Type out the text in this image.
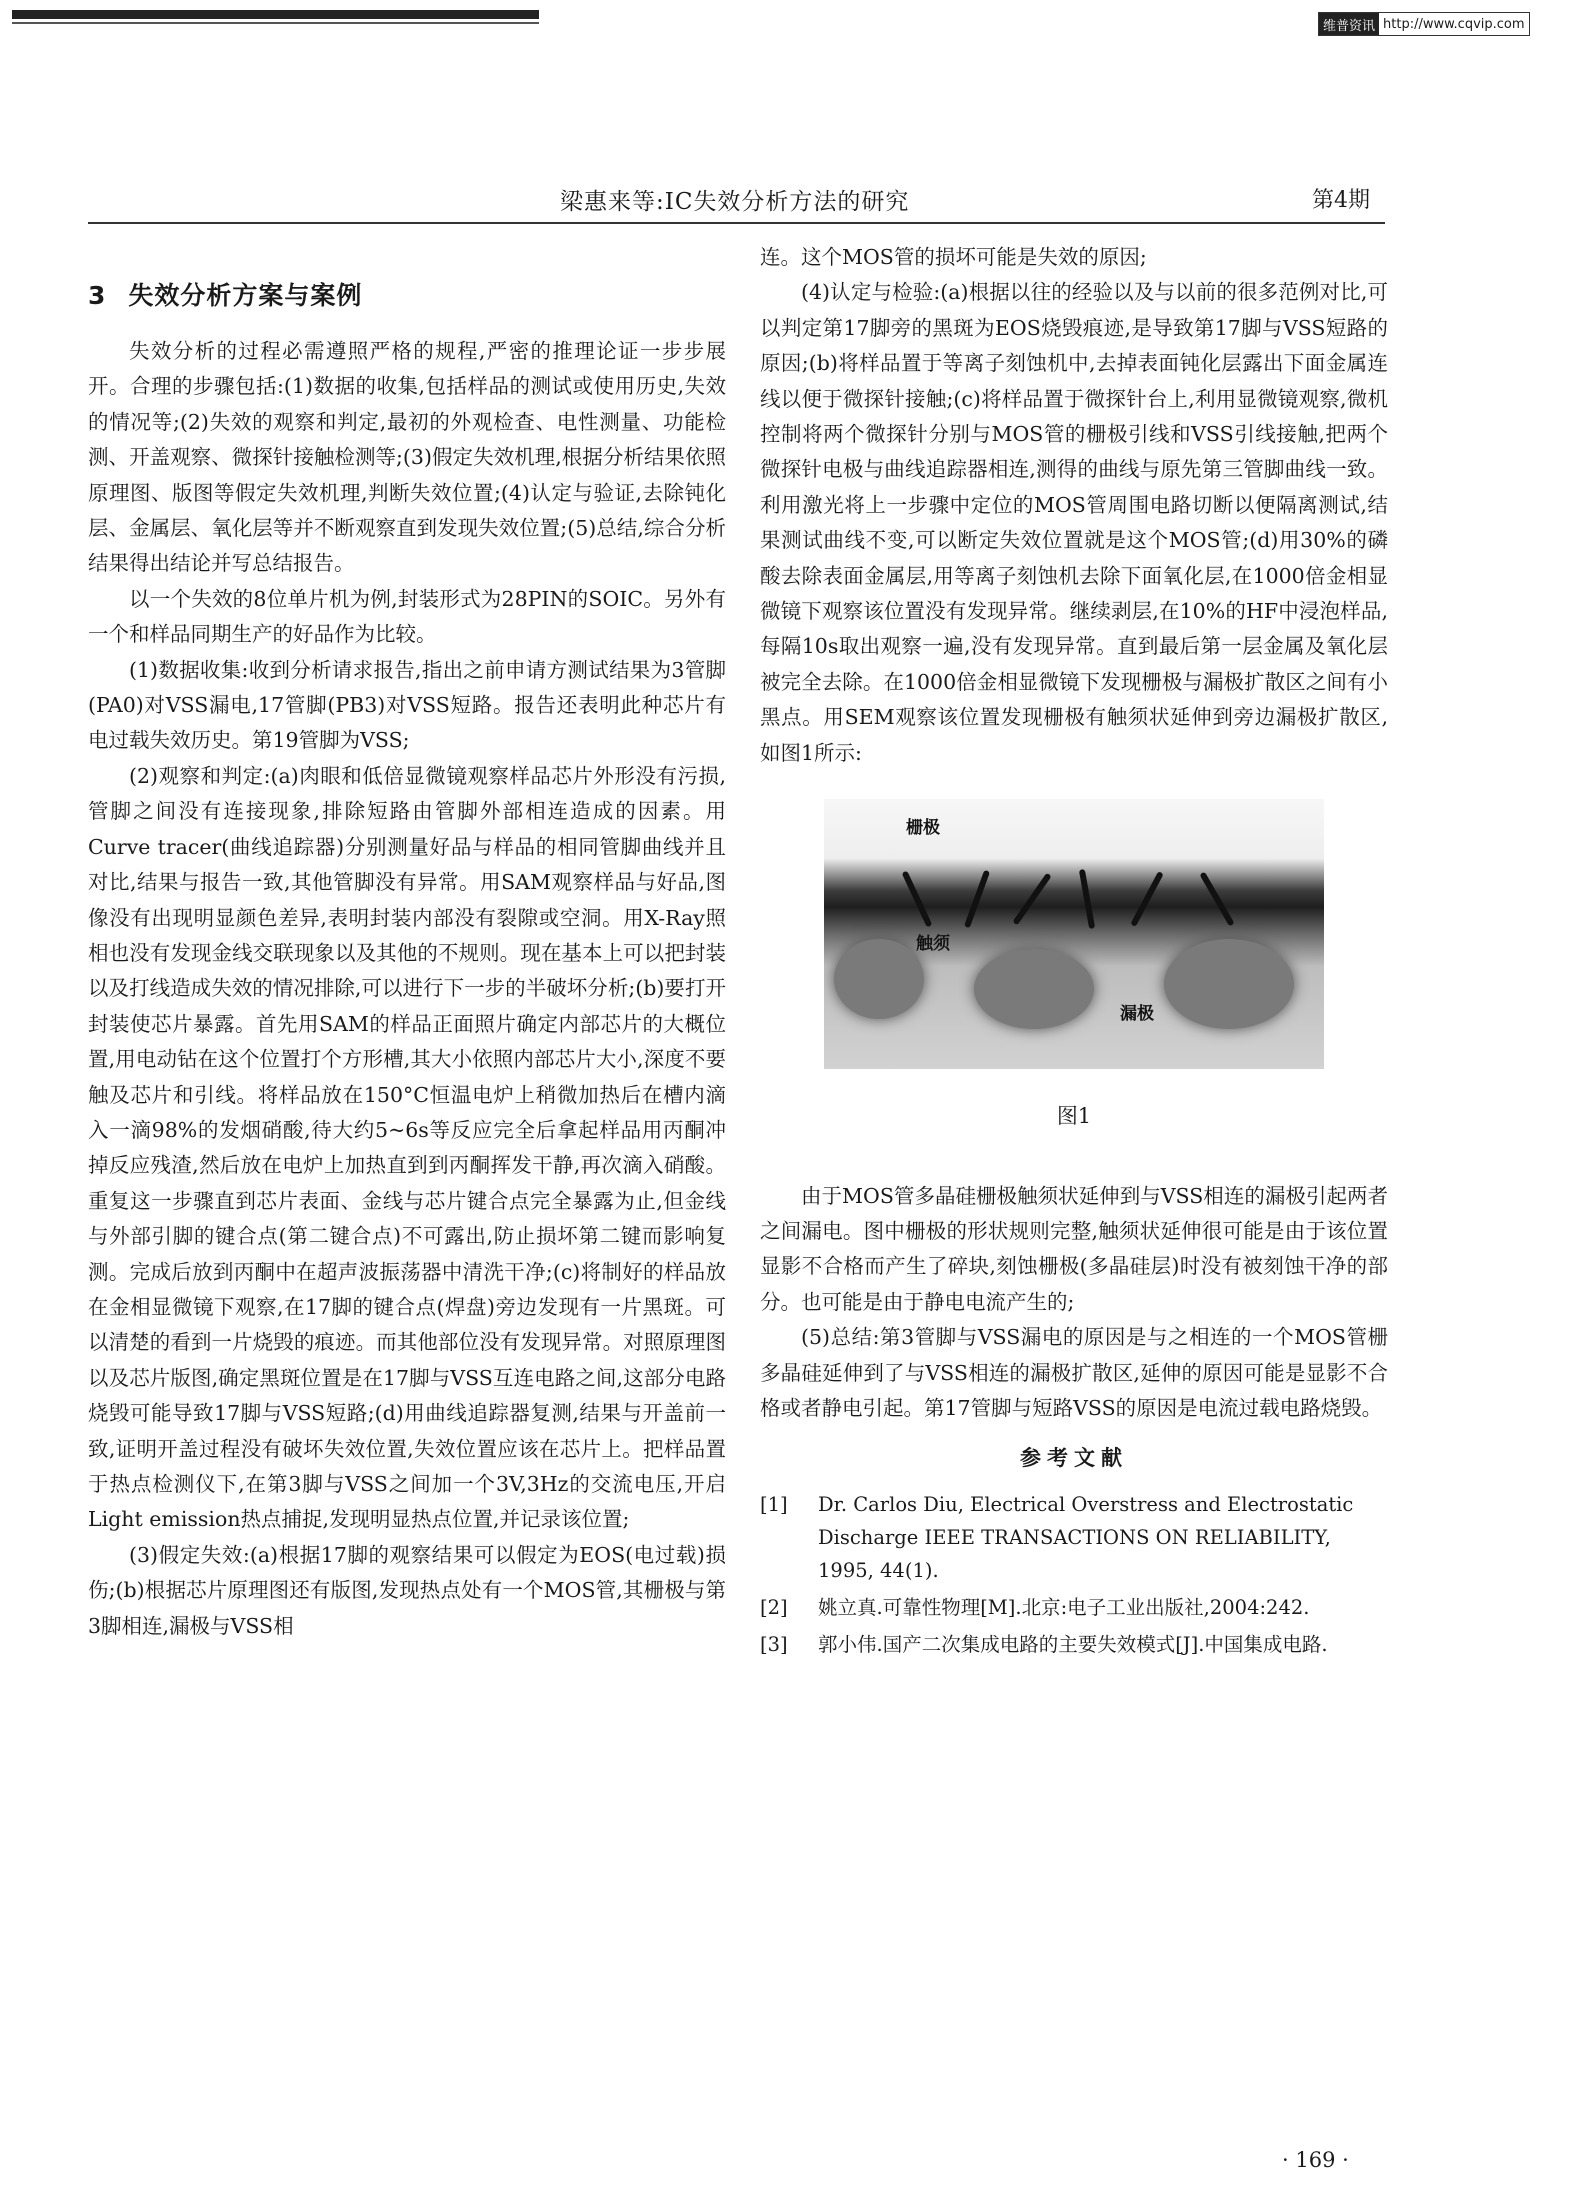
维普资讯 http://www.cqvip.com
梁惠来等:IC失效分析方法的研究	第4期
3 失效分析方案与案例

失效分析的过程必需遵照严格的规程,严密的推理论证一步步展开。合理的步骤包括:(1)数据的收集,包括样品的测试或使用历史,失效的情况等;(2)失效的观察和判定,最初的外观检查、电性测量、功能检测、开盖观察、微探针接触检测等;(3)假定失效机理,根据分析结果依照原理图、版图等假定失效机理,判断失效位置;(4)认定与验证,去除钝化层、金属层、氧化层等并不断观察直到发现失效位置;(5)总结,综合分析结果得出结论并写总结报告。

以一个失效的8位单片机为例,封装形式为28PIN的SOIC。另外有一个和样品同期生产的好品作为比较。

(1)数据收集:收到分析请求报告,指出之前申请方测试结果为3管脚(PA0)对VSS漏电,17管脚(PB3)对VSS短路。报告还表明此种芯片有电过载失效历史。第19管脚为VSS;

(2)观察和判定:(a)肉眼和低倍显微镜观察样品芯片外形没有污损,管脚之间没有连接现象,排除短路由管脚外部相连造成的因素。用Curve tracer(曲线追踪器)分别测量好品与样品的相同管脚曲线并且对比,结果与报告一致,其他管脚没有异常。用SAM观察样品与好品,图像没有出现明显颜色差异,表明封装内部没有裂隙或空洞。用X-Ray照相也没有发现金线交联现象以及其他的不规则。现在基本上可以把封装以及打线造成失效的情况排除,可以进行下一步的半破坏分析;(b)要打开封装使芯片暴露。首先用SAM的样品正面照片确定内部芯片的大概位置,用电动钻在这个位置打个方形槽,其大小依照内部芯片大小,深度不要触及芯片和引线。将样品放在150°C恒温电炉上稍微加热后在槽内滴入一滴98%的发烟硝酸,待大约5~6s等反应完全后拿起样品用丙酮冲掉反应残渣,然后放在电炉上加热直到到丙酮挥发干静,再次滴入硝酸。重复这一步骤直到芯片表面、金线与芯片键合点完全暴露为止,但金线与外部引脚的键合点(第二键合点)不可露出,防止损坏第二键而影响复测。完成后放到丙酮中在超声波振荡器中清洗干净;(c)将制好的样品放在金相显微镜下观察,在17脚的键合点(焊盘)旁边发现有一片黑斑。可以清楚的看到一片烧毁的痕迹。而其他部位没有发现异常。对照原理图以及芯片版图,确定黑斑位置是在17脚与VSS互连电路之间,这部分电路烧毁可能导致17脚与VSS短路;(d)用曲线追踪器复测,结果与开盖前一致,证明开盖过程没有破坏失效位置,失效位置应该在芯片上。把样品置于热点检测仪下,在第3脚与VSS之间加一个3V,3Hz的交流电压,开启Light emission热点捕捉,发现明显热点位置,并记录该位置;

(3)假定失效:(a)根据17脚的观察结果可以假定为EOS(电过载)损伤;(b)根据芯片原理图还有版图,发现热点处有一个MOS管,其栅极与第3脚相连,漏极与VSS相

连。这个MOS管的损坏可能是失效的原因;

(4)认定与检验:(a)根据以往的经验以及与以前的很多范例对比,可以判定第17脚旁的黑斑为EOS烧毁痕迹,是导致第17脚与VSS短路的原因;(b)将样品置于等离子刻蚀机中,去掉表面钝化层露出下面金属连线以便于微探针接触;(c)将样品置于微探针台上,利用显微镜观察,微机控制将两个微探针分别与MOS管的栅极引线和VSS引线接触,把两个微探针电极与曲线追踪器相连,测得的曲线与原先第三管脚曲线一致。利用激光将上一步骤中定位的MOS管周围电路切断以便隔离测试,结果测试曲线不变,可以断定失效位置就是这个MOS管;(d)用30%的磷酸去除表面金属层,用等离子刻蚀机去除下面氧化层,在1000倍金相显微镜下观察该位置没有发现异常。继续剥层,在10%的HF中浸泡样品,每隔10s取出观察一遍,没有发现异常。直到最后第一层金属及氧化层被完全去除。在1000倍金相显微镜下发现栅极与漏极扩散区之间有小黑点。用SEM观察该位置发现栅极有触须状延伸到旁边漏极扩散区,如图1所示:

栅极
触须
漏极
图1

由于MOS管多晶硅栅极触须状延伸到与VSS相连的漏极引起两者之间漏电。图中栅极的形状规则完整,触须状延伸很可能是由于该位置显影不合格而产生了碎块,刻蚀栅极(多晶硅层)时没有被刻蚀干净的部分。也可能是由于静电电流产生的;

(5)总结:第3管脚与VSS漏电的原因是与之相连的一个MOS管栅多晶硅延伸到了与VSS相连的漏极扩散区,延伸的原因可能是显影不合格或者静电引起。第17管脚与短路VSS的原因是电流过载电路烧毁。

参考文献
[1]	Dr. Carlos Diu, Electrical Overstress and Electrostatic Discharge IEEE TRANSACTIONS ON RELIABILITY, 1995, 44(1).
[2]	姚立真.可靠性物理[M].北京:电子工业出版社,2004:242.
[3]	郭小伟.国产二次集成电路的主要失效模式[J].中国集成电路.
· 169 ·
